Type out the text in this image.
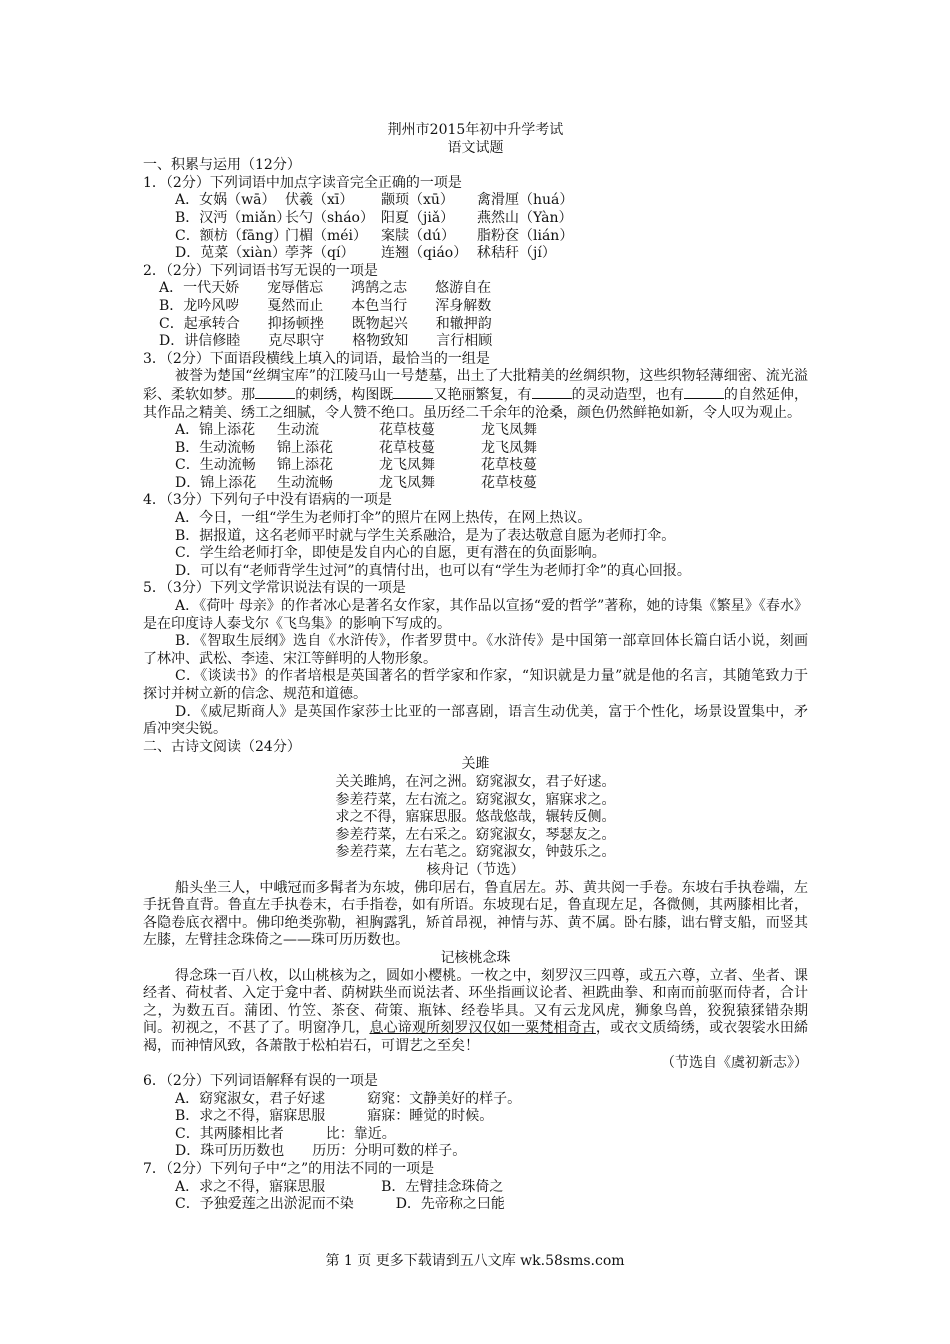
荆州市2015年初中升学考试
语文试题
一、积累与运用（12分）
1．（2分）下列词语中加点字读音完全正确的一项是
A．女娲（wā） 伏羲（xī） 颛顼（xū） 禽滑厘（huá）
B．汉沔（miǎn）长勺（sháo） 阳夏（jiǎ） 燕然山（Yàn）
C．额枋（fāng）门楣（méi） 案牍（dú） 脂粉奁（lián）
D．苋菜（xiàn）荸荠（qí） 连翘（qiáo） 秫秸秆（jí）
2．（2分）下列词语书写无误的一项是
A．一代天娇　　宠辱偕忘　　鸿鹄之志　　悠游自在
B．龙吟风哕　　戛然而止　　本色当行　　浑身解数
C．起承转合　　抑扬顿挫　　既物起兴　　和辙押韵
D．讲信修睦　　克尽职守　　格物致知　　言行相顾
3．（2分）下面语段横线上填入的词语，最恰当的一组是
被誉为楚国“丝绸宝库”的江陵马山一号楚墓，出土了大批精美的丝绸织物，这些织物轻薄细密、流光溢彩、柔软如梦。那	的刺绣，构图既	又艳丽繁复，有	的灵动造型，也有	的自然延伸，其作品之精美、绣工之细腻，令人赞不绝口。虽历经二千余年的沧桑，颜色仍然鲜艳如新，令人叹为观止。
A．锦上添花 生动流	花草枝蔓	龙飞凤舞
B．生动流畅 锦上添花	花草枝蔓	龙飞凤舞
C．生动流畅 锦上添花	龙飞凤舞	花草枝蔓
D．锦上添花 生动流畅	龙飞凤舞	花草枝蔓
4．（3分）下列句子中没有语病的一项是
A．今日，一组“学生为老师打伞”的照片在网上热传，在网上热议。
B．据报道，这名老师平时就与学生关系融洽，是为了表达敬意自愿为老师打伞。
C．学生给老师打伞，即使是发自内心的自愿，更有潜在的负面影响。
D．可以有“老师背学生过河”的真情付出，也可以有“学生为老师打伞”的真心回报。
5．（3分）下列文学常识说法有误的一项是
A．《荷叶 母亲》的作者冰心是著名女作家，其作品以宣扬“爱的哲学”著称，她的诗集《繁星》《春水》是在印度诗人泰戈尔《飞鸟集》的影响下写成的。
B．《智取生辰纲》选自《水浒传》，作者罗贯中。《水浒传》是中国第一部章回体长篇白话小说，刻画了林冲、武松、李逵、宋江等鲜明的人物形象。
C．《谈读书》的作者培根是英国著名的哲学家和作家，“知识就是力量”就是他的名言，其随笔致力于探讨并树立新的信念、规范和道德。
D．《威尼斯商人》是英国作家莎士比亚的一部喜剧，语言生动优美，富于个性化，场景设置集中，矛盾冲突尖锐。
二、古诗文阅读（24分）
关雎
关关雎鸠，在河之洲。窈窕淑女，君子好逑。
参差荇菜，左右流之。窈窕淑女，寤寐求之。
求之不得，寤寐思服。悠哉悠哉，辗转反侧。
参差荇菜，左右采之。窈窕淑女，琴瑟友之。
参差荇菜，左右芼之。窈窕淑女，钟鼓乐之。
核舟记（节选）
船头坐三人，中峨冠而多髯者为东坡，佛印居右，鲁直居左。苏、黄共阅一手卷。东坡右手执卷端，左手抚鲁直背。鲁直左手执卷末，右手指卷，如有所语。东坡现右足，鲁直现左足，各微侧，其两膝相比者，各隐卷底衣褶中。佛印绝类弥勒，袒胸露乳，矫首昂视，神情与苏、黄不属。卧右膝，诎右臂支船，而竖其左膝，左臂挂念珠倚之——珠可历历数也。
记核桃念珠
得念珠一百八枚，以山桃核为之，圆如小樱桃。一枚之中，刻罗汉三四尊，或五六尊，立者、坐者、课经者、荷杖者、入定于龛中者、荫树趺坐而说法者、环坐指画议论者、袒跣曲拳、和南而前驱而侍者，合计之，为数五百。蒲团、竹笠、茶奁、荷策、瓶钵、经卷毕具。又有云龙风虎，狮象鸟兽，狡猊猿猱错杂期间。初视之，不甚了了。明窗净几，息心谛观所刻罗汉仅如一粟梵相奇古，或衣文质绮绣，或衣袈裟水田絺褐，而神情风致，各萧散于松柏岩石，可谓艺之至矣！
（节选自《虞初新志》）
6．（2分）下列词语解释有误的一项是
A．窈窕淑女，君子好逑　　　窈窕：文静美好的样子。
B．求之不得，寤寐思服　　　寤寐：睡觉的时候。
C．其两膝相比者　　　比：靠近。
D．珠可历历数也　　历历：分明可数的样子。
7．（2分）下列句子中“之”的用法不同的一项是
A．求之不得，寤寐思服　　　　B．左臂挂念珠倚之
C．予独爱莲之出淤泥而不染　　　D．先帝称之曰能
第 1 页 更多下载请到五八文库 wk.58sms.com
